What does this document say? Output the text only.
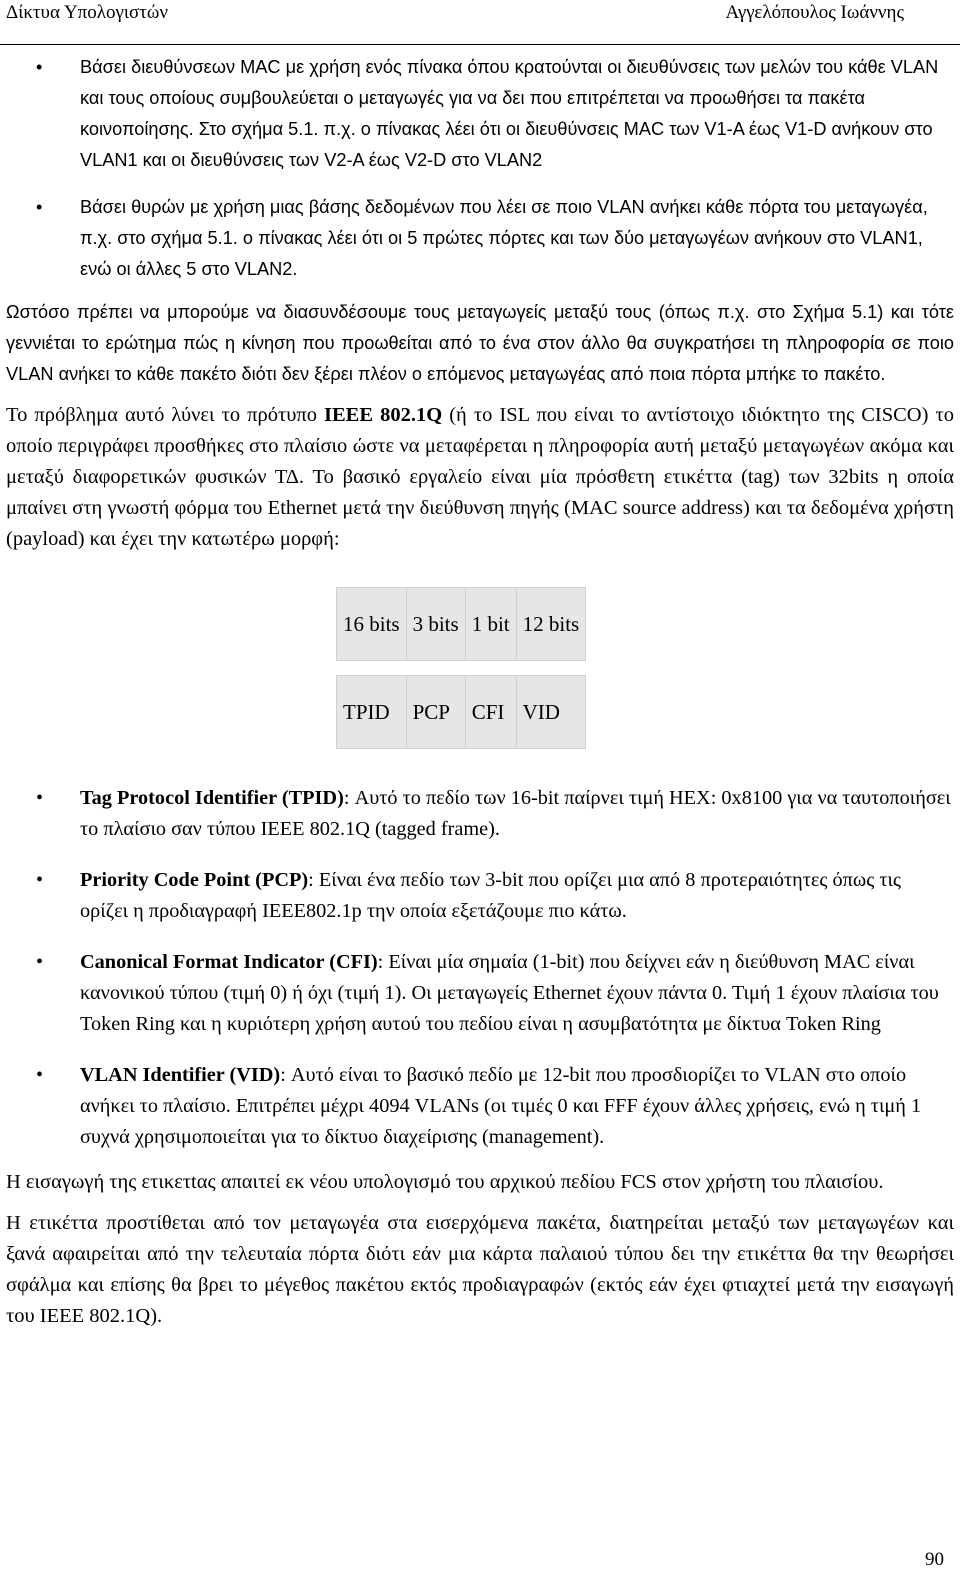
Δίκτυα Υπολογιστών	Αγγελόπουλος Ιωάννης
• Βάσει διευθύνσεων MAC με χρήση ενός πίνακα όπου κρατούνται οι διευθύνσεις των μελών του κάθε VLAN και τους οποίους συμβουλεύεται ο μεταγωγές για να δει που επιτρέπεται να προωθήσει τα πακέτα κοινοποίησης. Στο σχήμα 5.1. π.χ. ο πίνακας λέει ότι οι διευθύνσεις MAC των V1-A έως V1-D ανήκουν στο VLAN1 και οι διευθύνσεις των V2-A έως V2-D στο VLAN2
• Βάσει θυρών με χρήση μιας βάσης δεδομένων που λέει σε ποιο VLAN ανήκει κάθε πόρτα του μεταγωγέα, π.χ. στο σχήμα 5.1. ο πίνακας λέει ότι οι 5 πρώτες πόρτες και των δύο μεταγωγέων ανήκουν στο VLAN1, ενώ οι άλλες 5 στο VLAN2.

Ωστόσο πρέπει να μπορούμε να διασυνδέσουμε τους μεταγωγείς μεταξύ τους (όπως π.χ. στο Σχήμα 5.1) και τότε γεννιέται το ερώτημα πώς η κίνηση που προωθείται από το ένα στον άλλο θα συγκρατήσει τη πληροφορία σε ποιο VLAN ανήκει το κάθε πακέτο διότι δεν ξέρει πλέον ο επόμενος μεταγωγέας από ποια πόρτα μπήκε το πακέτο.

Το πρόβλημα αυτό λύνει το πρότυπο IEEE 802.1Q (ή το ISL που είναι το αντίστοιχο ιδιόκτητο της CISCO) το οποίο περιγράφει προσθήκες στο πλαίσιο ώστε να μεταφέρεται η πληροφορία αυτή μεταξύ μεταγωγέων ακόμα και μεταξύ διαφορετικών φυσικών ΤΔ. Το βασικό εργαλείο είναι μία πρόσθετη ετικέττα (tag) των 32bits η οποία μπαίνει στη γνωστή φόρμα του Ethernet μετά την διεύθυνση πηγής (MAC source address) και τα δεδομένα χρήστη (payload) και έχει την κατωτέρω μορφή:

16 bits	3 bits	1 bit	12 bits

TPID	PCP	CFI	VID
• Tag Protocol Identifier (TPID): Αυτό το πεδίο των 16-bit παίρνει τιμή HEX: 0x8100 για να ταυτοποιήσει το πλαίσιο σαν τύπου IEEE 802.1Q (tagged frame).
• Priority Code Point (PCP): Είναι ένα πεδίο των 3-bit που ορίζει μια από 8 προτεραιότητες όπως τις ορίζει η προδιαγραφή IEEE802.1p την οποία εξετάζουμε πιο κάτω.
• Canonical Format Indicator (CFI): Είναι μία σημαία (1-bit) που δείχνει εάν η διεύθυνση MAC είναι κανονικού τύπου (τιμή 0) ή όχι (τιμή 1). Οι μεταγωγείς Ethernet έχουν πάντα 0. Τιμή 1 έχουν πλαίσια του Token Ring και η κυριότερη χρήση αυτού του πεδίου είναι η ασυμβατότητα με δίκτυα Token Ring
• VLAN Identifier (VID): Αυτό είναι το βασικό πεδίο με 12-bit που προσδιορίζει το VLAN στο οποίο ανήκει το πλαίσιο. Επιτρέπει μέχρι 4094 VLANs (οι τιμές 0 και FFF έχουν άλλες χρήσεις, ενώ η τιμή 1 συχνά χρησιμοποιείται για το δίκτυο διαχείρισης (management).

Η εισαγωγή της ετικετtας απαιτεί εκ νέου υπολογισμό του αρχικού πεδίου FCS στον χρήστη του πλαισίου.

Η ετικέττα προστίθεται από τον μεταγωγέα στα εισερχόμενα πακέτα, διατηρείται μεταξύ των μεταγωγέων και ξανά αφαιρείται από την τελευταία πόρτα διότι εάν μια κάρτα παλαιού τύπου δει την ετικέττα θα την θεωρήσει σφάλμα και επίσης θα βρει το μέγεθος πακέτου εκτός προδιαγραφών (εκτός εάν έχει φτιαχτεί μετά την εισαγωγή του IEEE 802.1Q).

90
